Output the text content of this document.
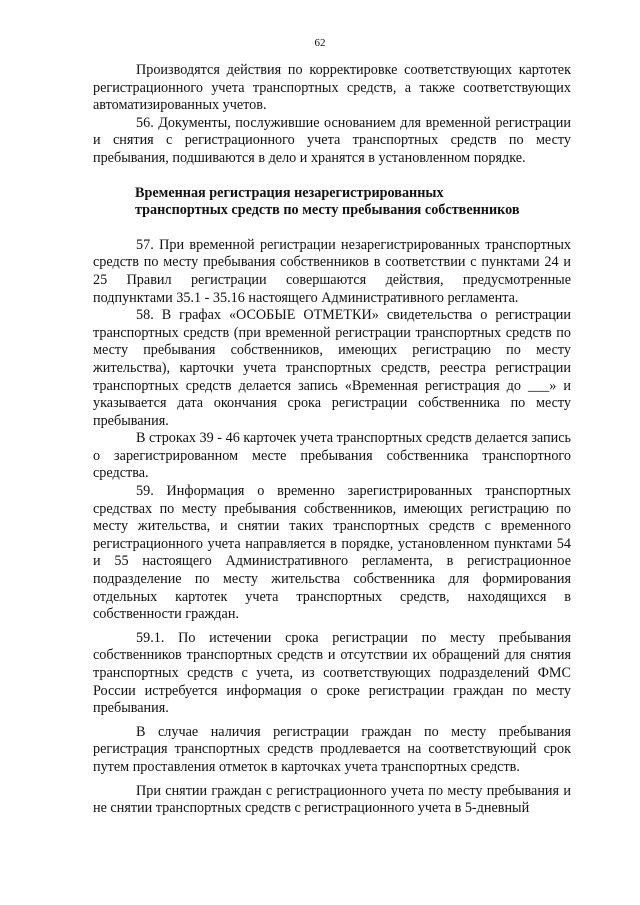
62

Производятся действия по корректировке соответствующих картотек регистрационного учета транспортных средств, а также соответствующих автоматизированных учетов.

56. Документы, послужившие основанием для временной регистрации и снятия с регистрационного учета транспортных средств по месту пребывания, подшиваются в дело и хранятся в установленном порядке.

Временная регистрация незарегистрированных
транспортных средств по месту пребывания собственников

57. При временной регистрации незарегистрированных транспортных средств по месту пребывания собственников в соответствии с пунктами 24 и 25 Правил регистрации совершаются действия, предусмотренные подпунктами 35.1 - 35.16 настоящего Административного регламента.

58. В графах «ОСОБЫЕ ОТМЕТКИ» свидетельства о регистрации транспортных средств (при временной регистрации транспортных средств по месту пребывания собственников, имеющих регистрацию по месту жительства), карточки учета транспортных средств, реестра регистрации транспортных средств делается запись «Временная регистрация до ___» и указывается дата окончания срока регистрации собственника по месту пребывания.

В строках 39 - 46 карточек учета транспортных средств делается запись о зарегистрированном месте пребывания собственника транспортного средства.

59. Информация о временно зарегистрированных транспортных средствах по месту пребывания собственников, имеющих регистрацию по месту жительства, и снятии таких транспортных средств с временного регистрационного учета направляется в порядке, установленном пунктами 54 и 55 настоящего Административного регламента, в регистрационное подразделение по месту жительства собственника для формирования отдельных картотек учета транспортных средств, находящихся в собственности граждан.

59.1. По истечении срока регистрации по месту пребывания собственников транспортных средств и отсутствии их обращений для снятия транспортных средств с учета, из соответствующих подразделений ФМС России истребуется информация о сроке регистрации граждан по месту пребывания.

В случае наличия регистрации граждан по месту пребывания регистрация транспортных средств продлевается на соответствующий срок путем проставления отметок в карточках учета транспортных средств.

При снятии граждан с регистрационного учета по месту пребывания и не снятии транспортных средств с регистрационного учета в 5-дневный
